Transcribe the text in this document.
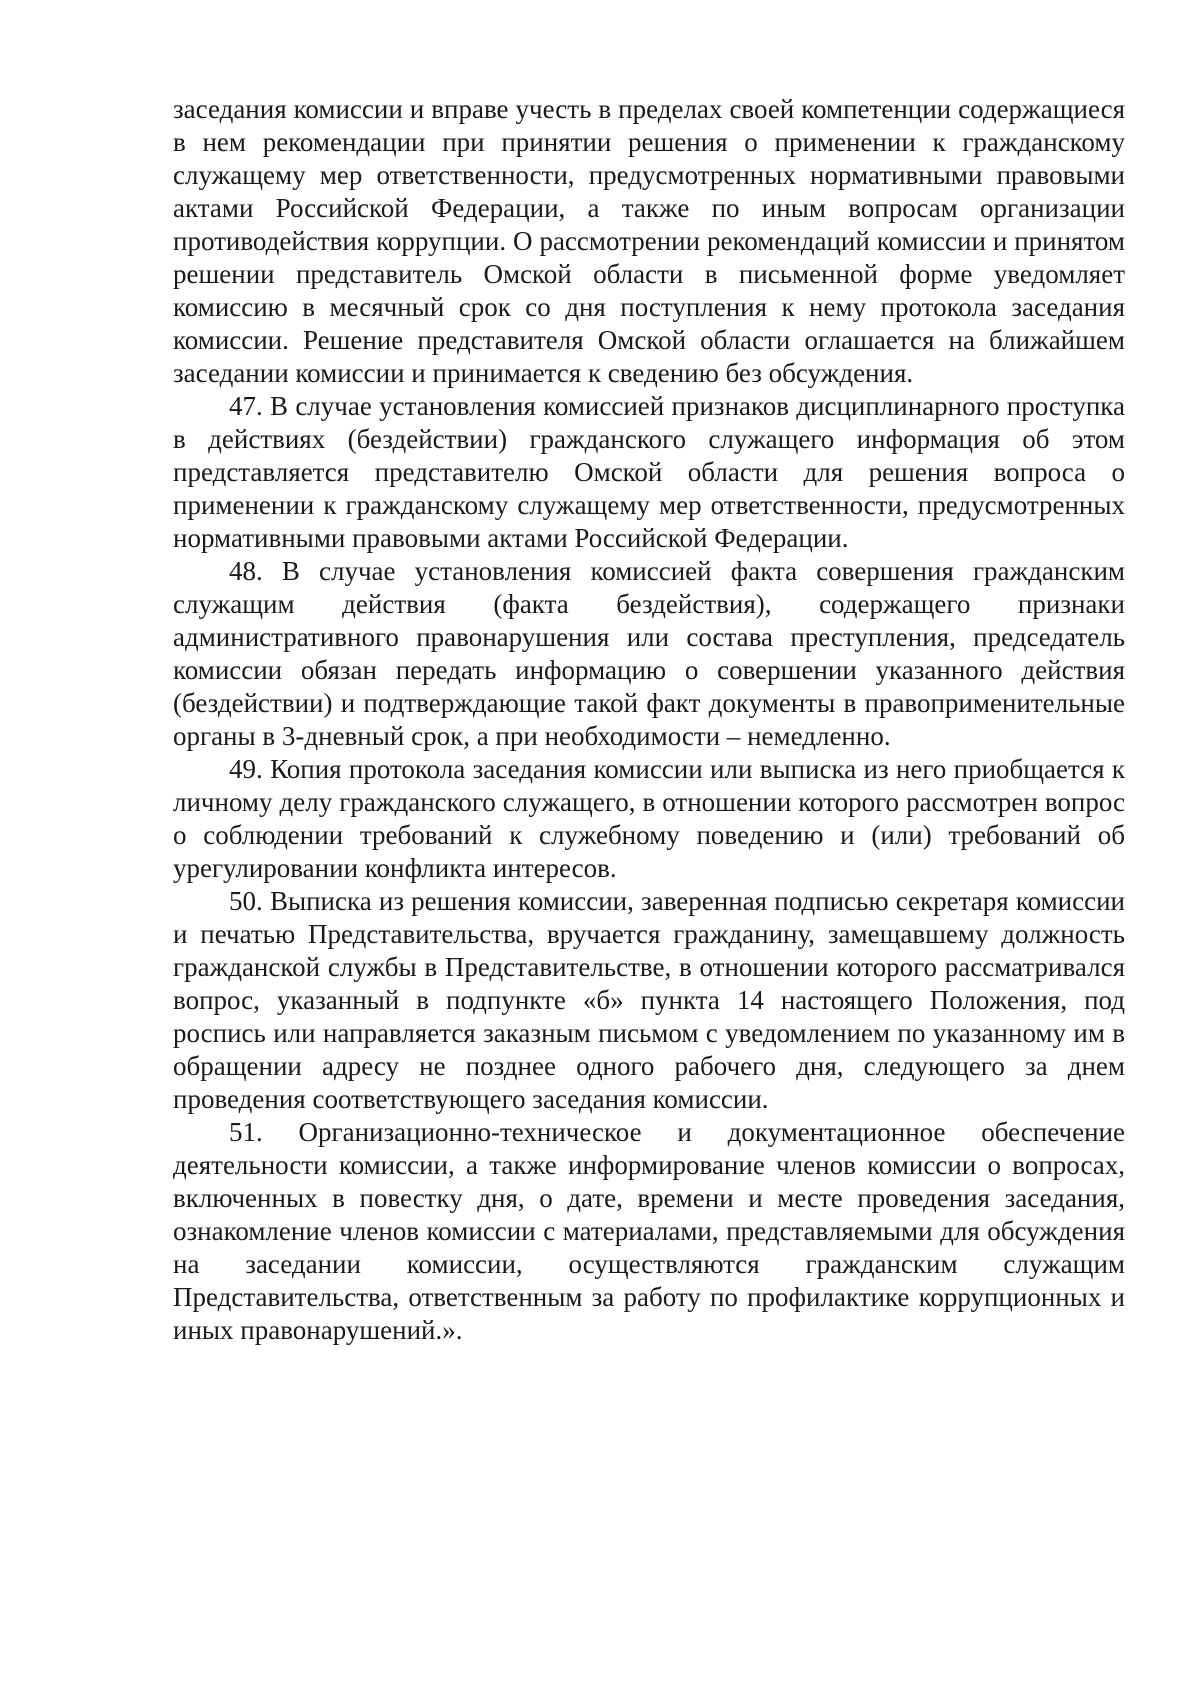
заседания комиссии и вправе учесть в пределах своей компетенции содержащиеся в нем рекомендации при принятии решения о применении к гражданскому служащему мер ответственности, предусмотренных нормативными правовыми актами Российской Федерации, а также по иным вопросам организации противодействия коррупции. О рассмотрении рекомендаций комиссии и принятом решении представитель Омской области в письменной форме уведомляет комиссию в месячный срок со дня поступления к нему протокола заседания комиссии. Решение представителя Омской области оглашается на ближайшем заседании комиссии и принимается к сведению без обсуждения.

47. В случае установления комиссией признаков дисциплинарного проступка в действиях (бездействии) гражданского служащего информация об этом представляется представителю Омской области для решения вопроса о применении к гражданскому служащему мер ответственности, предусмотренных нормативными правовыми актами Российской Федерации.

48. В случае установления комиссией факта совершения гражданским служащим действия (факта бездействия), содержащего признаки административного правонарушения или состава преступления, председатель комиссии обязан передать информацию о совершении указанного действия (бездействии) и подтверждающие такой факт документы в правоприменительные органы в 3-дневный срок, а при необходимости – немедленно.

49. Копия протокола заседания комиссии или выписка из него приобщается к личному делу гражданского служащего, в отношении которого рассмотрен вопрос о соблюдении требований к служебному поведению и (или) требований об урегулировании конфликта интересов.

50. Выписка из решения комиссии, заверенная подписью секретаря комиссии и печатью Представительства, вручается гражданину, замещавшему должность гражданской службы в Представительстве, в отношении которого рассматривался вопрос, указанный в подпункте «б» пункта 14 настоящего Положения, под роспись или направляется заказным письмом с уведомлением по указанному им в обращении адресу не позднее одного рабочего дня, следующего за днем проведения соответствующего заседания комиссии.

51. Организационно-техническое и документационное обеспечение деятельности комиссии, а также информирование членов комиссии о вопросах, включенных в повестку дня, о дате, времени и месте проведения заседания, ознакомление членов комиссии с материалами, представляемыми для обсуждения на заседании комиссии, осуществляются гражданским служащим Представительства, ответственным за работу по профилактике коррупционных и иных правонарушений.».
